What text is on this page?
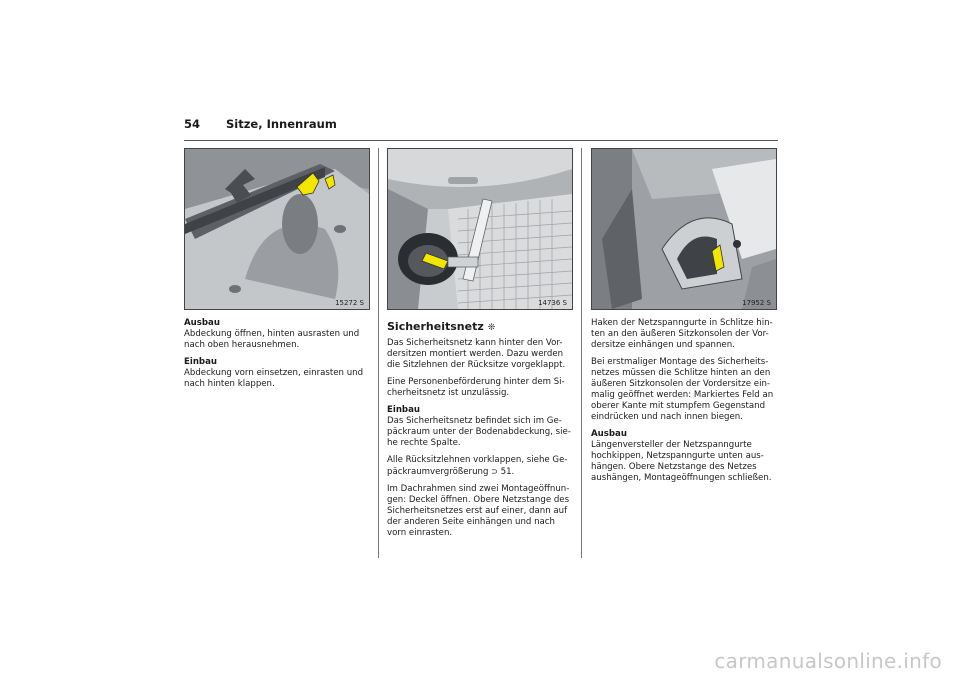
54 Sitze, Innenraum
15272 S	14736 S	17952 S

Ausbau
Abdeckung öffnen, hinten ausrasten und nach oben herausnehmen.

Einbau
Abdeckung vorn einsetzen, einrasten und nach hinten klappen.

Sicherheitsnetz ❊

Das Sicherheitsnetz kann hinter den Vor-dersitzen montiert werden. Dazu werden die Sitzlehnen der Rücksitze vorgeklappt.

Eine Personenbeförderung hinter dem Si-cherheitsnetz ist unzulässig.

Einbau
Das Sicherheitsnetz befindet sich im Ge-päckraum unter der Bodenabdeckung, sie-he rechte Spalte.

Alle Rücksitzlehnen vorklappen, siehe Ge-päckraumvergrößerung ⊃ 51.

Im Dachrahmen sind zwei Montageöffnun-gen: Deckel öffnen. Obere Netzstange des Sicherheitsnetzes erst auf einer, dann auf der anderen Seite einhängen und nach vorn einrasten.

Haken der Netzspanngurte in Schlitze hin-ten an den äußeren Sitzkonsolen der Vor-dersitze einhängen und spannen.

Bei erstmaliger Montage des Sicherheits-netzes müssen die Schlitze hinten an den äußeren Sitzkonsolen der Vordersitze ein-malig geöffnet werden: Markiertes Feld an oberer Kante mit stumpfem Gegenstand eindrücken und nach innen biegen.

Ausbau
Längenversteller der Netzspanngurte hochkippen, Netzspanngurte unten aus-hängen. Obere Netzstange des Netzes aushängen, Montageöffnungen schließen.

carmanualsonline.info
